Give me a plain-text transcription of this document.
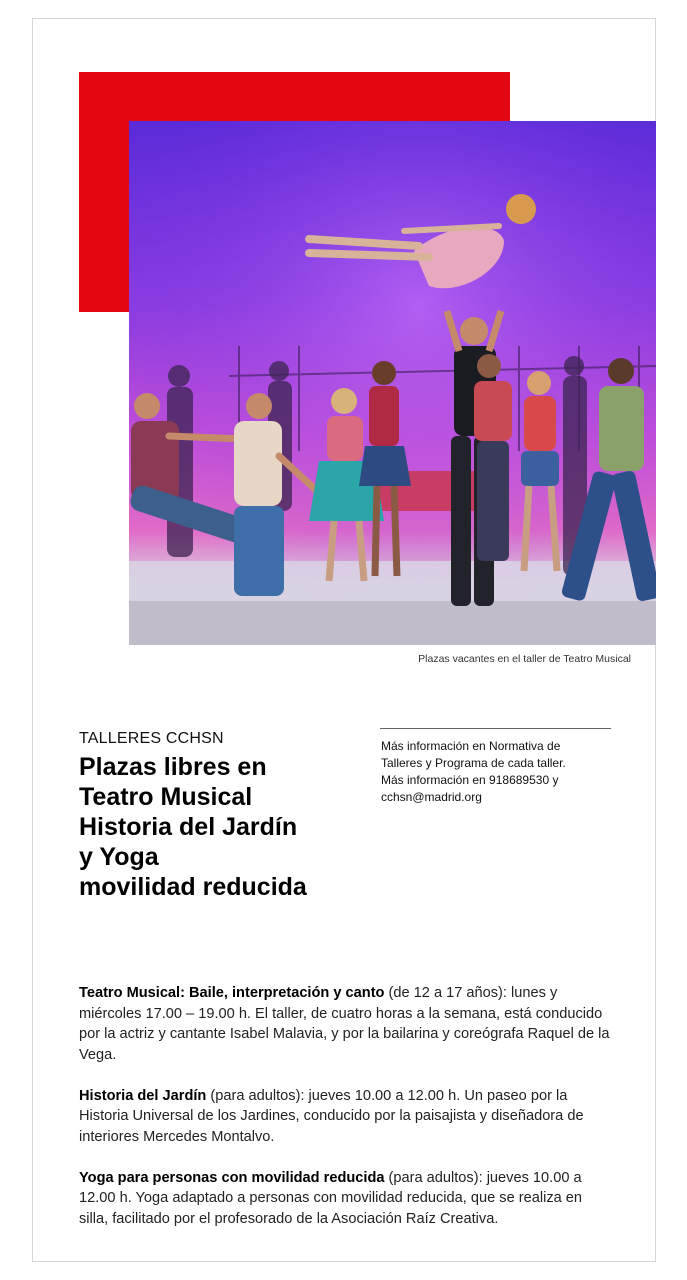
Plazas vacantes en el taller de Teatro Musical
TALLERES CCHSN
Plazas libres en
Teatro Musical
Historia del Jardín
y Yoga
movilidad reducida
Más información en Normativa de
Talleres y Programa de cada taller.
Más información en 918689530 y
cchsn@madrid.org

Teatro Musical: Baile, interpretación y canto (de 12 a 17 años): lunes y miércoles 17.00 – 19.00 h. El taller, de cuatro horas a la semana, está conducido por la actriz y cantante Isabel Malavia, y por la bailarina y coreógrafa Raquel de la Vega.

Historia del Jardín (para adultos): jueves 10.00 a 12.00 h. Un paseo por la Historia Universal de los Jardines, conducido por la paisajista y diseñadora de interiores Mercedes Montalvo.

Yoga para personas con movilidad reducida (para adultos): jueves 10.00 a 12.00 h. Yoga adaptado a personas con movilidad reducida, que se realiza en silla, facilitado por el profesorado de la Asociación Raíz Creativa.
